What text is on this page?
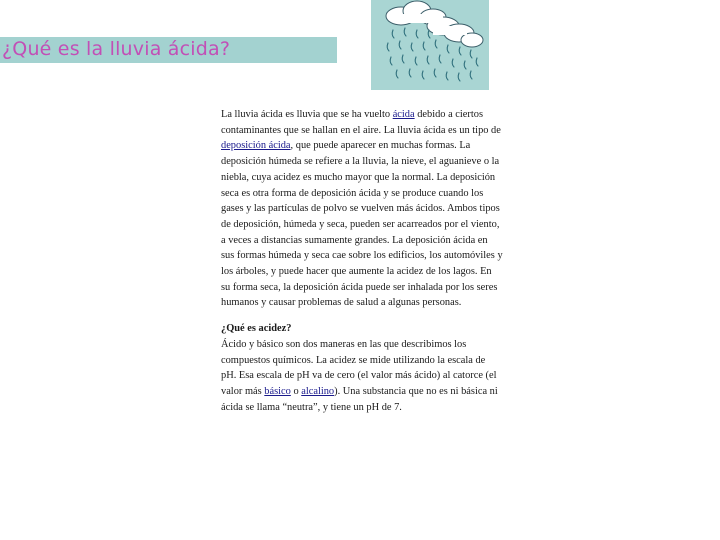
¿Qué es la lluvia ácida?

La lluvia ácida es lluvia que se ha vuelto ácida debido a ciertos contaminantes que se hallan en el aire. La lluvia ácida es un tipo de deposición ácida, que puede aparecer en muchas formas. La deposición húmeda se refiere a la lluvia, la nieve, el aguanieve o la niebla, cuya acidez es mucho mayor que la normal. La deposición seca es otra forma de deposición ácida y se produce cuando los gases y las partículas de polvo se vuelven más ácidos. Ambos tipos de deposición, húmeda y seca, pueden ser acarreados por el viento, a veces a distancias sumamente grandes. La deposición ácida en sus formas húmeda y seca cae sobre los edificios, los automóviles y los árboles, y puede hacer que aumente la acidez de los lagos. En su forma seca, la deposición ácida puede ser inhalada por los seres humanos y causar problemas de salud a algunas personas.

¿Qué es acidez?
Ácido y básico son dos maneras en las que describimos los compuestos químicos. La acidez se mide utilizando la escala de pH. Esa escala de pH va de cero (el valor más ácido) al catorce (el valor más básico o alcalino). Una substancia que no es ni básica ni ácida se llama “neutra”, y tiene un pH de 7.
